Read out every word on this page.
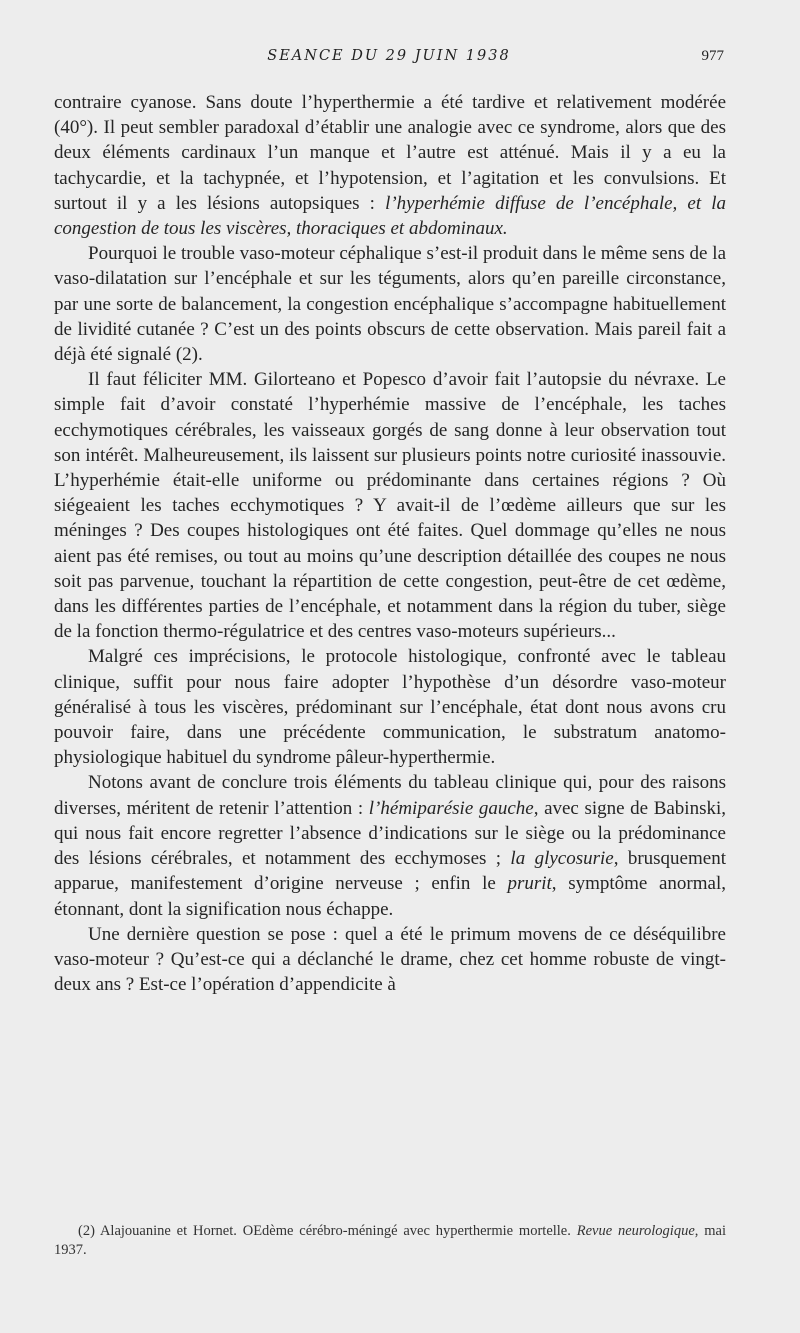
SEANCE DU 29 JUIN 1938	977

contraire cyanose. Sans doute l’hyperthermie a été tardive et relativement modérée (40°). Il peut sembler paradoxal d’établir une analogie avec ce syndrome, alors que des deux éléments cardinaux l’un manque et l’autre est atténué. Mais il y a eu la tachycardie, et la tachypnée, et l’hypotension, et l’agitation et les convulsions. Et surtout il y a les lésions autopsiques : l’hyperhémie diffuse de l’encéphale, et la congestion de tous les viscères, thoraciques et abdominaux.

Pourquoi le trouble vaso-moteur céphalique s’est-il produit dans le même sens de la vaso-dilatation sur l’encéphale et sur les téguments, alors qu’en pareille circonstance, par une sorte de balancement, la congestion encéphalique s’accompagne habituellement de lividité cutanée ? C’est un des points obscurs de cette observation. Mais pareil fait a déjà été signalé (2).

Il faut féliciter MM. Gilorteano et Popesco d’avoir fait l’autopsie du névraxe. Le simple fait d’avoir constaté l’hyperhémie massive de l’encéphale, les taches ecchymotiques cérébrales, les vaisseaux gorgés de sang donne à leur observation tout son intérêt. Malheureusement, ils laissent sur plusieurs points notre curiosité inassouvie. L’hyperhémie était-elle uniforme ou prédominante dans certaines régions ? Où siégeaient les taches ecchymotiques ? Y avait-il de l’œdème ailleurs que sur les méninges ? Des coupes histologiques ont été faites. Quel dommage qu’elles ne nous aient pas été remises, ou tout au moins qu’une description détaillée des coupes ne nous soit pas parvenue, touchant la répartition de cette congestion, peut-être de cet œdème, dans les différentes parties de l’encéphale, et notamment dans la région du tuber, siège de la fonction thermo-régulatrice et des centres vaso-moteurs supérieurs...

Malgré ces imprécisions, le protocole histologique, confronté avec le tableau clinique, suffit pour nous faire adopter l’hypothèse d’un désordre vaso-moteur généralisé à tous les viscères, prédominant sur l’encéphale, état dont nous avons cru pouvoir faire, dans une précédente communication, le substratum anatomo-physiologique habituel du syndrome pâleur-hyperthermie.

Notons avant de conclure trois éléments du tableau clinique qui, pour des raisons diverses, méritent de retenir l’attention : l’hémiparésie gauche, avec signe de Babinski, qui nous fait encore regretter l’absence d’indications sur le siège ou la prédominance des lésions cérébrales, et notamment des ecchymoses ; la glycosurie, brusquement apparue, manifestement d’origine nerveuse ; enfin le prurit, symptôme anormal, étonnant, dont la signification nous échappe.

Une dernière question se pose : quel a été le primum movens de ce déséquilibre vaso-moteur ? Qu’est-ce qui a déclanché le drame, chez cet homme robuste de vingt-deux ans ? Est-ce l’opération d’appendicite à

(2) Alajouanine et Hornet. OEdème cérébro-méningé avec hyperthermie mortelle. Revue neurologique, mai 1937.
